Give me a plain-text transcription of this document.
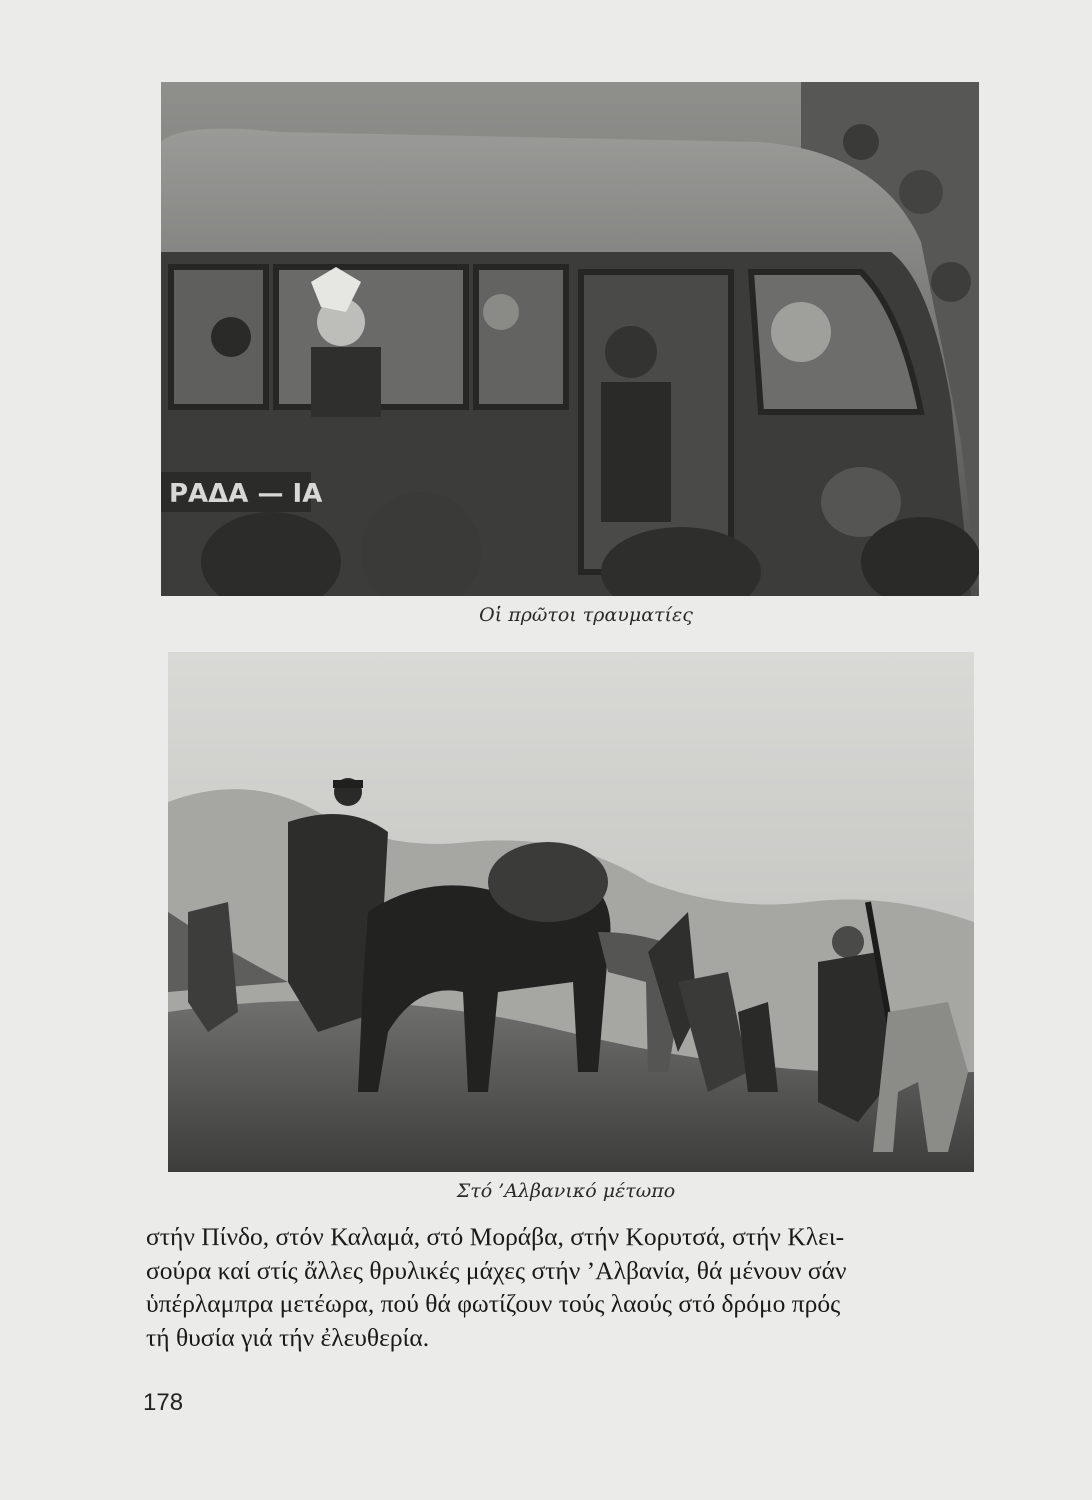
ΡΑΔΑ — ΙΑ
Οἱ πρῶτοι τραυματίες
Στό ’Αλβανικό μέτωπο
στήν Πίνδο, στόν Καλαμά, στό Μοράβα, στήν Κορυτσά, στήν Κλει-
σούρα καί στίς ἄλλες θρυλικές μάχες στήν ’Αλβανία, θά μένουν σάν
ὑπέρλαμπρα μετέωρα, πού θά φωτίζουν τούς λαούς στό δρόμο πρός
τή θυσία γιά τήν ἐλευθερία.
178
